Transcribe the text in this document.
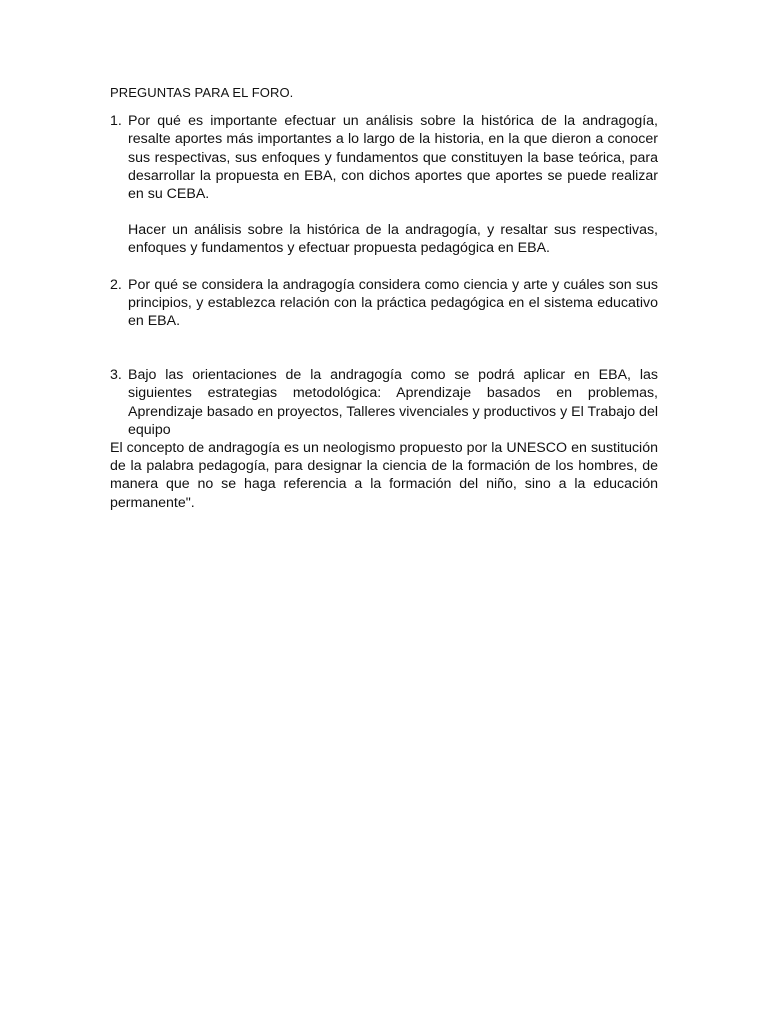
PREGUNTAS PARA EL FORO.
1. Por qué es importante efectuar un análisis sobre la histórica de la andragogía, resalte aportes más importantes a lo largo de la historia, en la que dieron a conocer sus respectivas, sus enfoques y fundamentos que constituyen la base teórica, para desarrollar la propuesta en EBA, con dichos aportes que aportes se puede realizar en su CEBA.

Hacer un análisis sobre la histórica de la andragogía, y resaltar sus respectivas, enfoques y fundamentos y efectuar propuesta pedagógica en EBA.

2. Por qué se considera la andragogía considera como ciencia y arte y cuáles son sus principios, y establezca relación con la práctica pedagógica en el sistema educativo en EBA.

3. Bajo las orientaciones de la andragogía como se podrá aplicar en EBA, las siguientes estrategias metodológica: Aprendizaje basados en problemas, Aprendizaje basado en proyectos, Talleres vivenciales y productivos y El Trabajo del equipo

El concepto de andragogía es un neologismo propuesto por la UNESCO en sustitución de la palabra pedagogía, para designar la ciencia de la formación de los hombres, de manera que no se haga referencia a la formación del niño, sino a la educación permanente".
